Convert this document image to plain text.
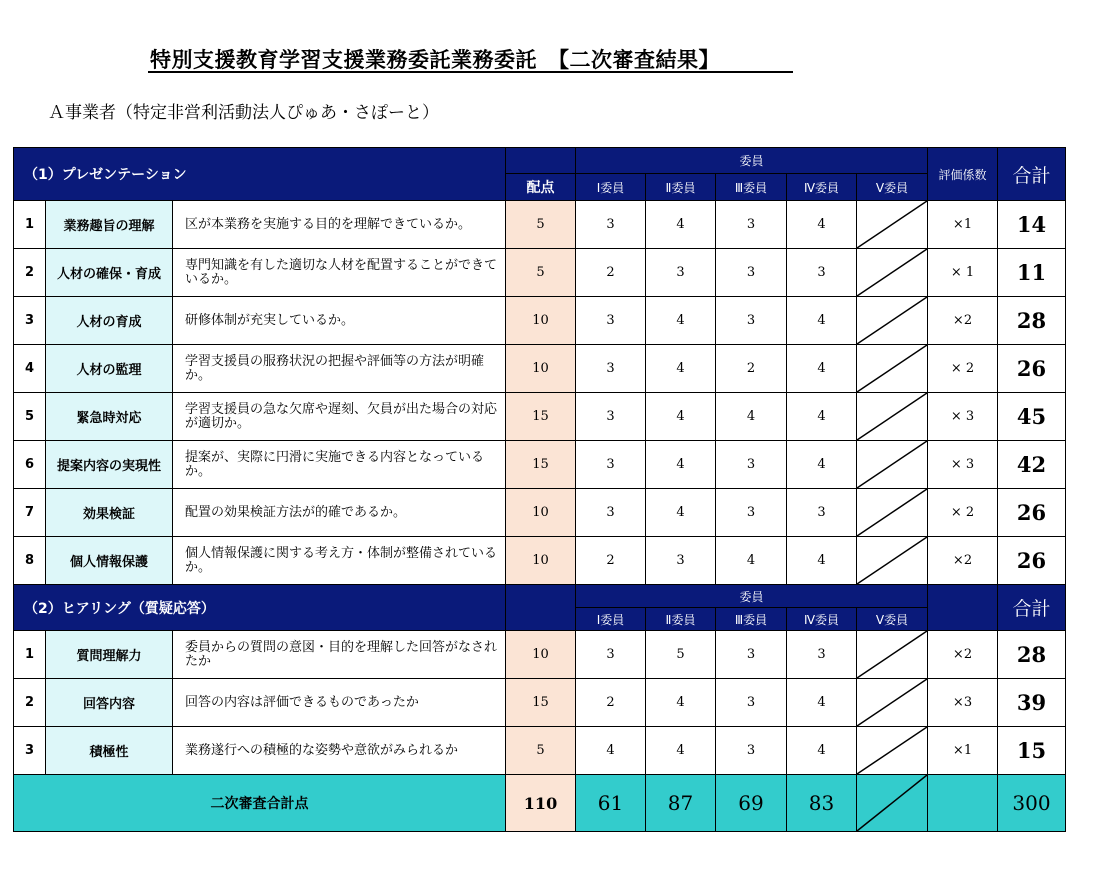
特別支援教育学習支援業務委託業務委託　【二次審査結果】
Ａ事業者（特定非営利活動法人ぴゅあ・さぽーと）
（1）プレゼンテーション				委員					評価係数	合計
			配点	Ⅰ委員	Ⅱ委員	Ⅲ委員	Ⅳ委員	Ⅴ委員		
1	業務趣旨の理解	区が本業務を実施する目的を理解できているか。	5	3	4	3	4		×1	14
2	人材の確保・育成	専門知識を有した適切な人材を配置することができているか。	5	2	3	3	3		× 1	11
3	人材の育成	研修体制が充実しているか。	10	3	4	3	4		×2	28
4	人材の監理	学習支援員の服務状況の把握や評価等の方法が明確か。	10	3	4	2	4		× 2	26
5	緊急時対応	学習支援員の急な欠席や遅刻、欠員が出た場合の対応が適切か。	15	3	4	4	4		× 3	45
6	提案内容の実現性	提案が、実際に円滑に実施できる内容となっているか。	15	3	4	3	4		× 3	42
7	効果検証	配置の効果検証方法が的確であるか。	10	3	4	3	3		× 2	26
8	個人情報保護	個人情報保護に関する考え方・体制が整備されているか。	10	2	3	4	4		×2	26
（2）ヒアリング（質疑応答）				委員						合計
				Ⅰ委員	Ⅱ委員	Ⅲ委員	Ⅳ委員	Ⅴ委員		
1	質問理解力	委員からの質問の意図・目的を理解した回答がなされたか	10	3	5	3	3		×2	28
2	回答内容	回答の内容は評価できるものであったか	15	2	4	3	4		×3	39
3	積極性	業務遂行への積極的な姿勢や意欲がみられるか	5	4	4	3	4		×1	15
二次審査合計点			110	61	87	69	83			300
